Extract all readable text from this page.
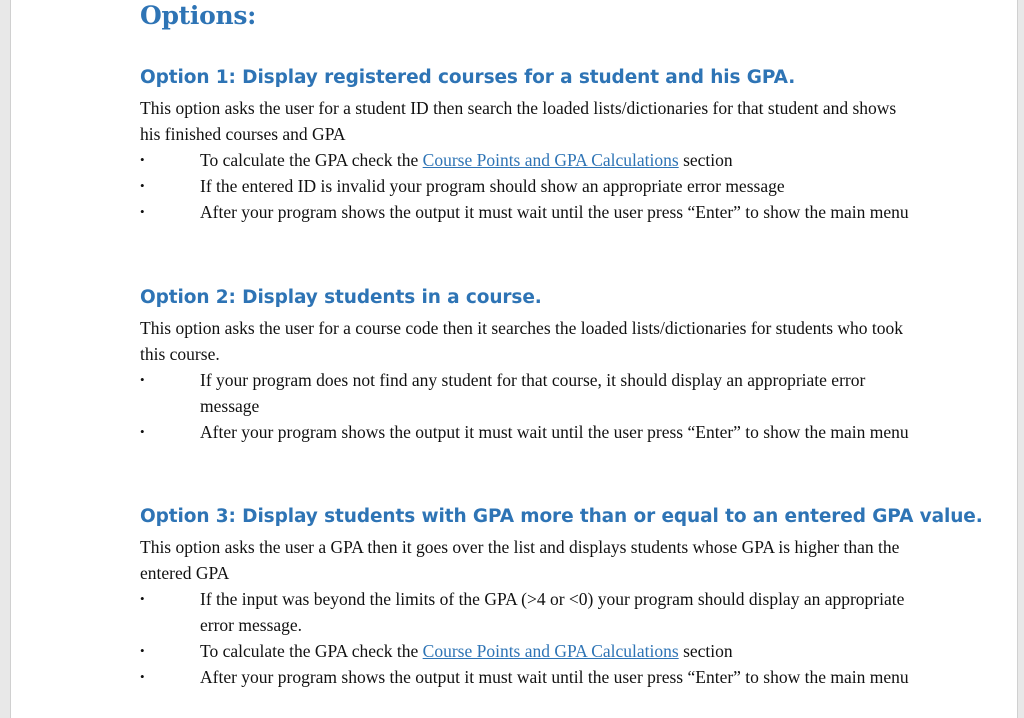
Options:
Option 1: Display registered courses for a student and his GPA.

This option asks the user for a student ID then search the loaded lists/dictionaries for that student and shows his finished courses and GPA

•	To calculate the GPA check the Course Points and GPA Calculations section
•	If the entered ID is invalid your program should show an appropriate error message
•	After your program shows the output it must wait until the user press “Enter” to show the main menu
Option 2: Display students in a course.

This option asks the user for a course code then it searches the loaded lists/dictionaries for students who took this course.

•	If your program does not find any student for that course, it should display an appropriate error message
•	After your program shows the output it must wait until the user press “Enter” to show the main menu
Option 3: Display students with GPA more than or equal to an entered GPA value.

This option asks the user a GPA then it goes over the list and displays students whose GPA is higher than the entered GPA

•	If the input was beyond the limits of the GPA (>4 or <0) your program should display an appropriate error message.
•	To calculate the GPA check the Course Points and GPA Calculations section
•	After your program shows the output it must wait until the user press “Enter” to show the main menu
